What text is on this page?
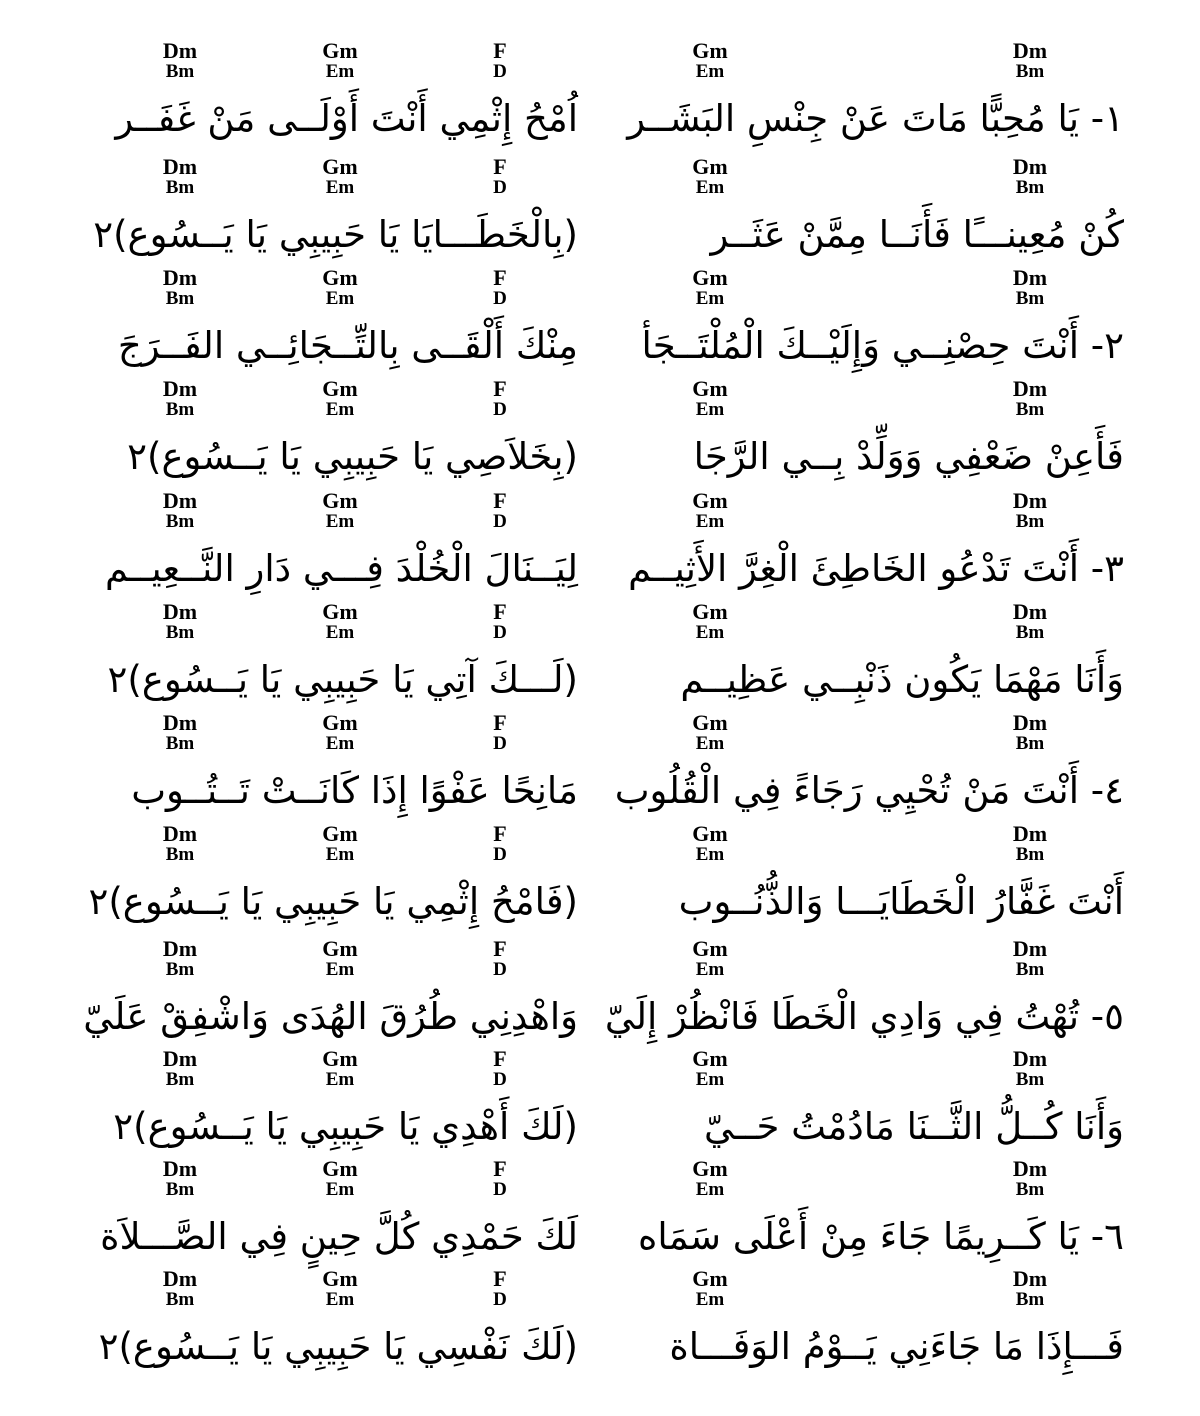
Dm
Bm
Gm
Em
F
D
Gm
Em
Dm
Bm
١- يَا مُحِبًّا مَاتَ عَنْ جِنْسِ البَشَــر
اُمْحُ إِثْمِي أَنْتَ أَوْلَــى مَنْ غَفَــر
Dm
Bm
Gm
Em
F
D
Gm
Em
Dm
Bm
كُنْ مُعِينـــًا فَأَنَــا مِمَّنْ عَثَــر
(بِالْخَطَـــايَا يَا حَبِيبِي يَا يَــسُوع)٢
Dm
Bm
Gm
Em
F
D
Gm
Em
Dm
Bm
٢- أَنْتَ حِصْنِــي وَإِلَيْــكَ الْمُلْتَــجَأ
مِنْكَ أَلْقَــى بِالتِّــجَائِــي الفَــرَجَ
Dm
Bm
Gm
Em
F
D
Gm
Em
Dm
Bm
فَأَعِنْ ضَعْفِي وَوَلِّدْ بِــي الرَّجَا
(بِخَلاَصِي يَا حَبِيبِي يَا يَــسُوع)٢
Dm
Bm
Gm
Em
F
D
Gm
Em
Dm
Bm
٣- أَنْتَ تَدْعُو الخَاطِئَ الْغِرَّ الأَثِيــم
لِيَــنَالَ الْخُلْدَ فِـــي دَارِ النَّــعِيــم
Dm
Bm
Gm
Em
F
D
Gm
Em
Dm
Bm
وَأَنَا مَهْمَا يَكُون ذَنْبِــي عَظِيــم
(لَـــكَ آتِي يَا حَبِيبِي يَا يَــسُوع)٢
Dm
Bm
Gm
Em
F
D
Gm
Em
Dm
Bm
٤- أَنْتَ مَنْ تُحْيِي رَجَاءً فِي الْقُلُوب
مَانِحًا عَفْوًا إِذَا كَانَــتْ تَــتُــوب
Dm
Bm
Gm
Em
F
D
Gm
Em
Dm
Bm
أَنْتَ غَفَّارُ الْخَطَايَـــا وَالذُّنُــوب
(فَامْحُ إِثْمِي يَا حَبِيبِي يَا يَــسُوع)٢
Dm
Bm
Gm
Em
F
D
Gm
Em
Dm
Bm
٥- تُهْتُ فِي وَادِي الْخَطَا فَانْظُرْ إِلَيّ
وَاهْدِنِي طُرُقَ الهُدَى وَاشْفِقْ عَلَيّ
Dm
Bm
Gm
Em
F
D
Gm
Em
Dm
Bm
وَأَنَا كُــلُّ الثَّــنَا مَادُمْتُ حَــيّ
(لَكَ أَهْدِي يَا حَبِيبِي يَا يَــسُوع)٢
Dm
Bm
Gm
Em
F
D
Gm
Em
Dm
Bm
٦- يَا كَــرِيمًا جَاءَ مِنْ أَعْلَى سَمَاه
لَكَ حَمْدِي كُلَّ حِينٍ فِي الصَّـــلاَة
Dm
Bm
Gm
Em
F
D
Gm
Em
Dm
Bm
فَـــإِذَا مَا جَاءَنِي يَــوْمُ الوَفَـــاة
(لَكَ نَفْسِي يَا حَبِيبِي يَا يَــسُوع)٢
